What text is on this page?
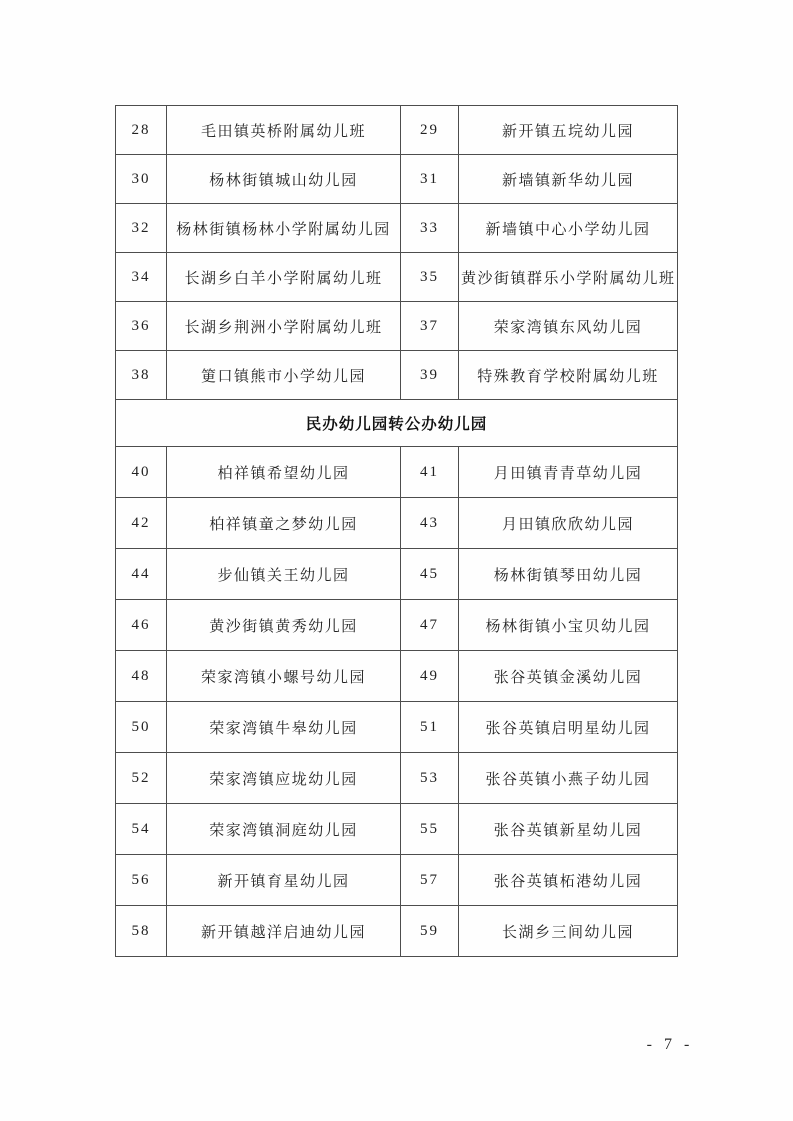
28	毛田镇英桥附属幼儿班	29	新开镇五垸幼儿园
30	杨林街镇城山幼儿园	31	新墙镇新华幼儿园
32	杨林街镇杨林小学附属幼儿园	33	新墙镇中心小学幼儿园
34	长湖乡白羊小学附属幼儿班	35	黄沙街镇群乐小学附属幼儿班
36	长湖乡荆洲小学附属幼儿班	37	荣家湾镇东风幼儿园
38	筻口镇熊市小学幼儿园	39	特殊教育学校附属幼儿班
民办幼儿园转公办幼儿园			
40	柏祥镇希望幼儿园	41	月田镇青青草幼儿园
42	柏祥镇童之梦幼儿园	43	月田镇欣欣幼儿园
44	步仙镇关王幼儿园	45	杨林街镇琴田幼儿园
46	黄沙街镇黄秀幼儿园	47	杨林街镇小宝贝幼儿园
48	荣家湾镇小螺号幼儿园	49	张谷英镇金溪幼儿园
50	荣家湾镇牛皋幼儿园	51	张谷英镇启明星幼儿园
52	荣家湾镇应垅幼儿园	53	张谷英镇小燕子幼儿园
54	荣家湾镇洞庭幼儿园	55	张谷英镇新星幼儿园
56	新开镇育星幼儿园	57	张谷英镇柘港幼儿园
58	新开镇越洋启迪幼儿园	59	长湖乡三间幼儿园
- 7 -
